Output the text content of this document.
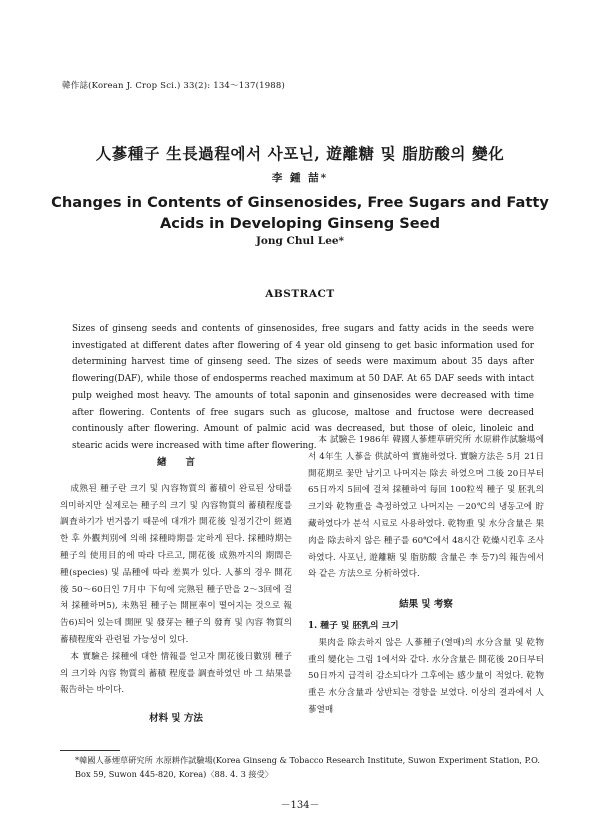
韓作誌(Korean J. Crop Sci.) 33(2): 134～137(1988)
人蔘種子 生長過程에서 사포닌, 遊離糖 및 脂肪酸의 變化
李 鍾 喆*
Changes in Contents of Ginsenosides, Free Sugars and Fatty Acids in Developing Ginseng Seed
Jong Chul Lee*
ABSTRACT
Sizes of ginseng seeds and contents of ginsenosides, free sugars and fatty acids in the seeds were investigated at different dates after flowering of 4 year old ginseng to get basic information used for determining harvest time of ginseng seed. The sizes of seeds were maximum about 35 days after flowering(DAF), while those of endosperms reached maximum at 50 DAF. At 65 DAF seeds with intact pulp weighed most heavy. The amounts of total saponin and ginsenosides were decreased with time after flowering. Contents of free sugars such as glucose, maltose and fructose were decreased continously after flowering. Amount of palmic acid was decreased, but those of oleic, linoleic and stearic acids were increased with time after flowering.

緖　　言

成熟된 種子란 크기 및 內容物質의 蓄積이 완료된 상태를 의미하지만 실제로는 種子의 크기 및 內容物質의 蓄積程度를 調査하기가 번거롭기 때문에 대개가 開花後 일정기간이 經過한 후 外觀判別에 의해 採種時期를 定하게 된다. 採種時期는 種子의 使用目的에 따라 다르고, 開花後 成熟까지의 期間은 種(species) 및 品種에 따라 差異가 있다. 人蔘의 경우 開花後 50～60日인 7月中 下旬에 完熟된 種子만을 2～3回에 걸쳐 採種하며5), 未熟된 種子는 開匣率이 떨어지는 것으로 報告6)되어 있는데 開匣 및 發芽는 種子의 發育 및 內容 物質의 蓄積程度와 관련될 가능성이 있다.

本 實驗은 採種에 대한 情報를 얻고자 開花後日數別 種子의 크기와 內容 物質의 蓄積 程度를 調査하였던 바 그 結果를 報告하는 바이다.

材料 및 方法

本 試驗은 1986年 韓國人蔘煙草硏究所 水原耕作試驗場에서 4年生 人蔘을 供試하여 實施하였다. 實驗方法은 5月 21日 開花期로 꽃만 남기고 나머지는 除去 하였으며 그後 20日부터 65日까지 5回에 걸쳐 採種하여 每回 100粒씩 種子 및 胚乳의 크기와 乾物重을 측정하였고 나머지는 －20℃의 냉동고에 貯藏하였다가 분석 시료로 사용하였다. 乾物重 및 水分含量은 果肉을 除去하지 않은 種子를 60℃에서 48시간 乾燥시킨후 조사하였다. 사포닌, 遊離糖 및 脂肪酸 含量은 李 등7)의 報告에서와 같은 方法으로 分析하였다.

結果 및 考察

1. 種子 및 胚乳의 크기

果肉을 除去하지 않은 人蔘種子(열매)의 水分含量 및 乾物重의 變化는 그림 1에서와 같다. 水分含量은 開花後 20日부터 50日까지 급격히 감소되다가 그후에는 感少量이 적었다. 乾物重은 水分含量과 상반되는 경향을 보였다. 이상의 결과에서 人蔘열매

*韓國人蔘煙草硏究所 水原耕作試驗場(Korea Ginseng & Tobacco Research Institute, Suwon Experiment Station, P.O. Box 59, Suwon 445-820, Korea)〈88. 4. 3 接受〉
－134－
